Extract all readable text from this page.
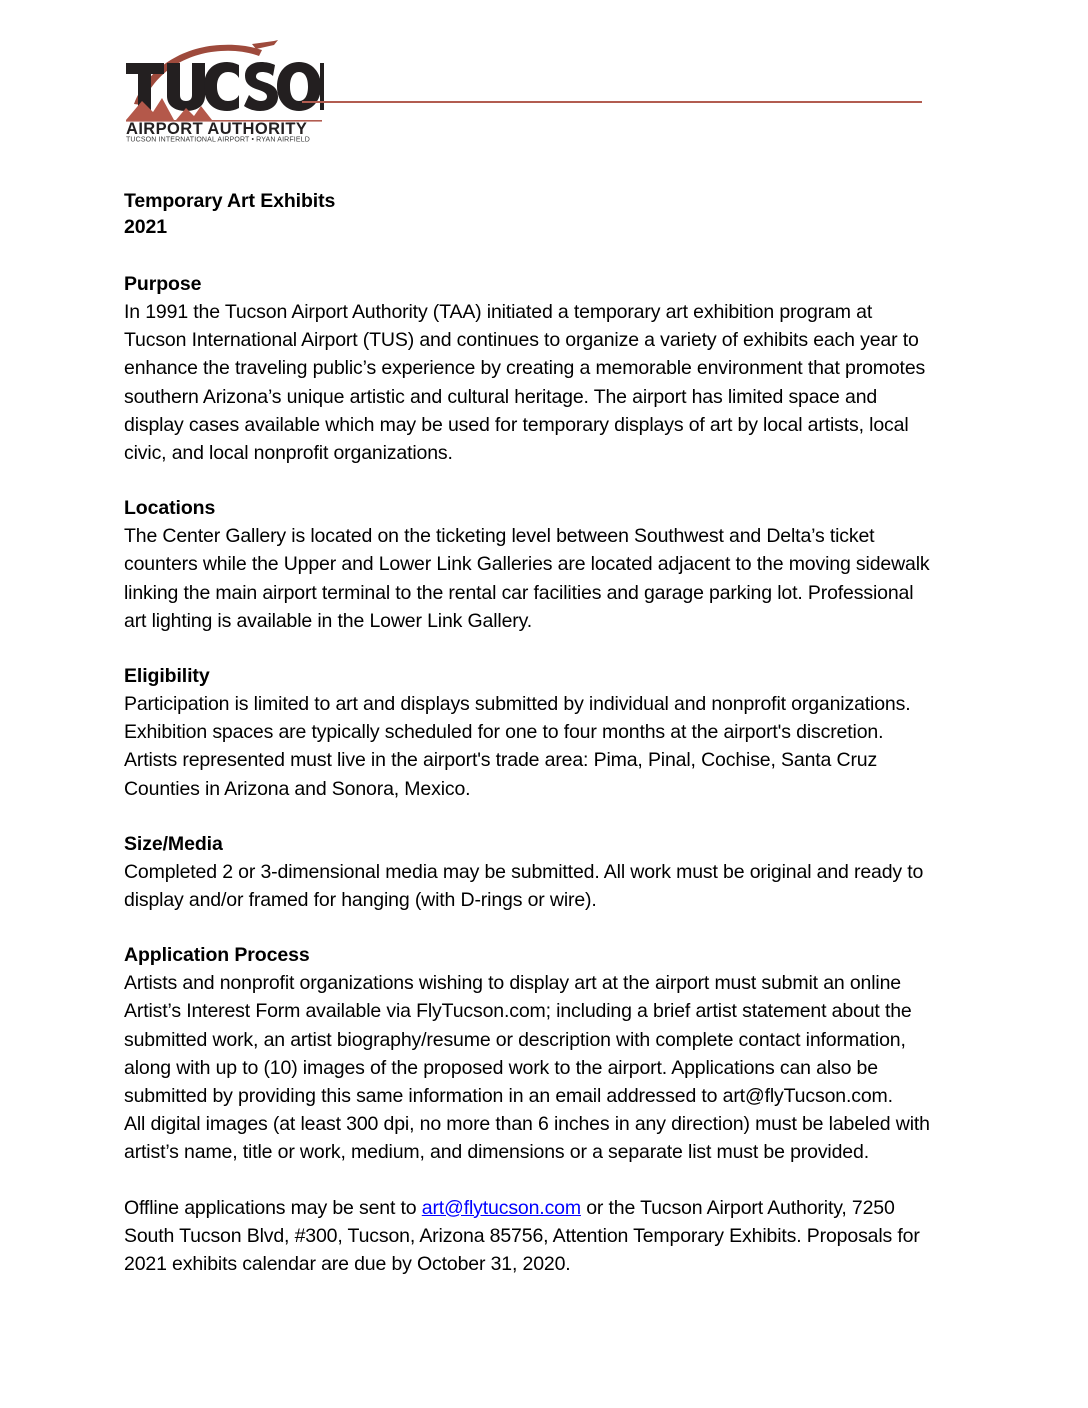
AIRPORT AUTHORITY
TUCSON INTERNATIONAL AIRPORT • RYAN AIRFIELD
Temporary Art Exhibits
2021
Purpose
In 1991 the Tucson Airport Authority (TAA) initiated a temporary art exhibition program at
Tucson International Airport (TUS) and continues to organize a variety of exhibits each year to
enhance the traveling public’s experience by creating a memorable environment that promotes
southern Arizona’s unique artistic and cultural heritage. The airport has limited space and
display cases available which may be used for temporary displays of art by local artists, local
civic, and local nonprofit organizations.
Locations
The Center Gallery is located on the ticketing level between Southwest and Delta’s ticket
counters while the Upper and Lower Link Galleries are located adjacent to the moving sidewalk
linking the main airport terminal to the rental car facilities and garage parking lot. Professional
art lighting is available in the Lower Link Gallery.
Eligibility
Participation is limited to art and displays submitted by individual and nonprofit organizations.
Exhibition spaces are typically scheduled for one to four months at the airport's discretion.
Artists represented must live in the airport's trade area: Pima, Pinal, Cochise, Santa Cruz
Counties in Arizona and Sonora, Mexico.
Size/Media
Completed 2 or 3-dimensional media may be submitted. All work must be original and ready to
display and/or framed for hanging (with D-rings or wire).
Application Process
Artists and nonprofit organizations wishing to display art at the airport must submit an online
Artist’s Interest Form available via FlyTucson.com; including a brief artist statement about the
submitted work, an artist biography/resume or description with complete contact information,
along with up to (10) images of the proposed work to the airport. Applications can also be
submitted by providing this same information in an email addressed to art@flyTucson.com.
All digital images (at least 300 dpi, no more than 6 inches in any direction) must be labeled with
artist’s name, title or work, medium, and dimensions or a separate list must be provided.
Offline applications may be sent to art@flytucson.com or the Tucson Airport Authority, 7250
South Tucson Blvd, #300, Tucson, Arizona 85756, Attention Temporary Exhibits. Proposals for
2021 exhibits calendar are due by October 31, 2020.
